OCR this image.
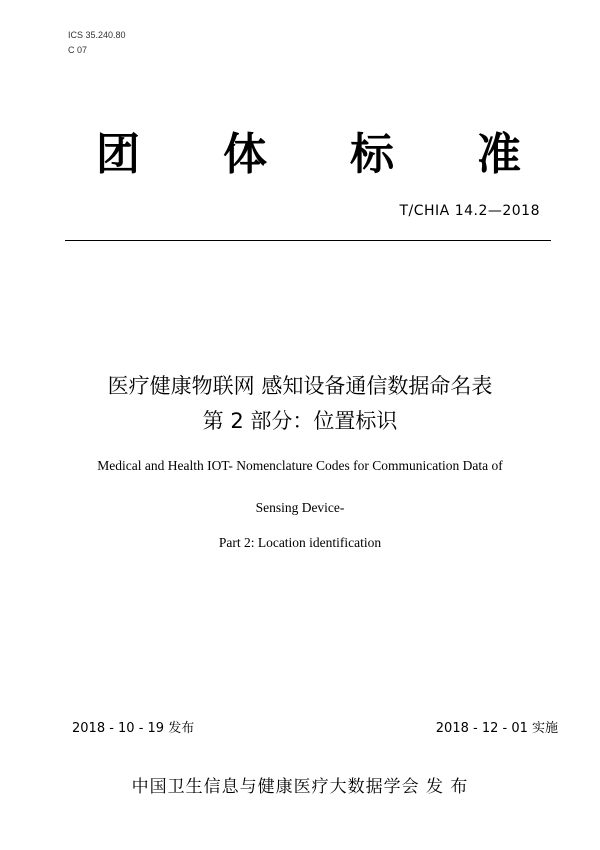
ICS 35.240.80
C 07
团 体 标 准
T/CHIA 14.2—2018
医疗健康物联网 感知设备通信数据命名表
第 2 部分：位置标识
Medical and Health IOT- Nomenclature Codes for Communication Data of
Sensing Device-
Part 2: Location identification
2018 - 10 - 19 发布	2018 - 12 - 01 实施
中国卫生信息与健康医疗大数据学会 发 布
